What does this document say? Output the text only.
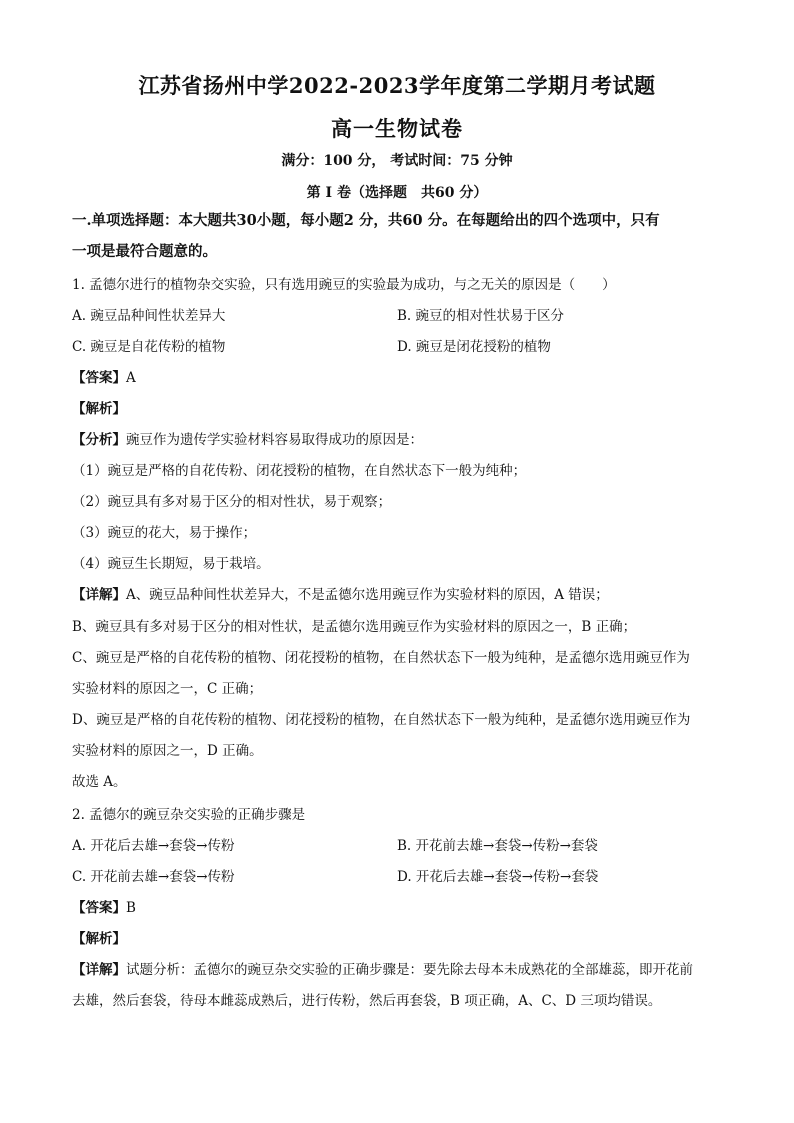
江苏省扬州中学2022-2023学年度第二学期月考试题
高一生物试卷
满分：100 分， 考试时间：75 分钟
第 Ⅰ 卷（选择题　共60 分）
一.单项选择题：本大题共30小题，每小题2 分，共60 分。在每题给出的四个选项中，只有
一项是最符合题意的。
1. 孟德尔进行的植物杂交实验，只有选用豌豆的实验最为成功，与之无关的原因是（　　）
A. 豌豆品种间性状差异大	B. 豌豆的相对性状易于区分
C. 豌豆是自花传粉的植物	D. 豌豆是闭花授粉的植物
【答案】A
【解析】
【分析】豌豆作为遗传学实验材料容易取得成功的原因是：
（1）豌豆是严格的自花传粉、闭花授粉的植物，在自然状态下一般为纯种；
（2）豌豆具有多对易于区分的相对性状，易于观察；
（3）豌豆的花大，易于操作；
（4）豌豆生长期短，易于栽培。
【详解】A、豌豆品种间性状差异大，不是孟德尔选用豌豆作为实验材料的原因，A 错误；
B、豌豆具有多对易于区分的相对性状，是孟德尔选用豌豆作为实验材料的原因之一，B 正确；
C、豌豆是严格的自花传粉的植物、闭花授粉的植物，在自然状态下一般为纯种，是孟德尔选用豌豆作为
实验材料的原因之一，C 正确；
D、豌豆是严格的自花传粉的植物、闭花授粉的植物，在自然状态下一般为纯种，是孟德尔选用豌豆作为
实验材料的原因之一，D 正确。
故选 A。
2. 孟德尔的豌豆杂交实验的正确步骤是
A. 开花后去雄→套袋→传粉	B. 开花前去雄→套袋→传粉→套袋
C. 开花前去雄→套袋→传粉	D. 开花后去雄→套袋→传粉→套袋
【答案】B
【解析】
【详解】试题分析：孟德尔的豌豆杂交实验的正确步骤是：要先除去母本未成熟花的全部雄蕊，即开花前
去雄，然后套袋，待母本雌蕊成熟后，进行传粉，然后再套袋，B 项正确，A、C、D 三项均错误。
